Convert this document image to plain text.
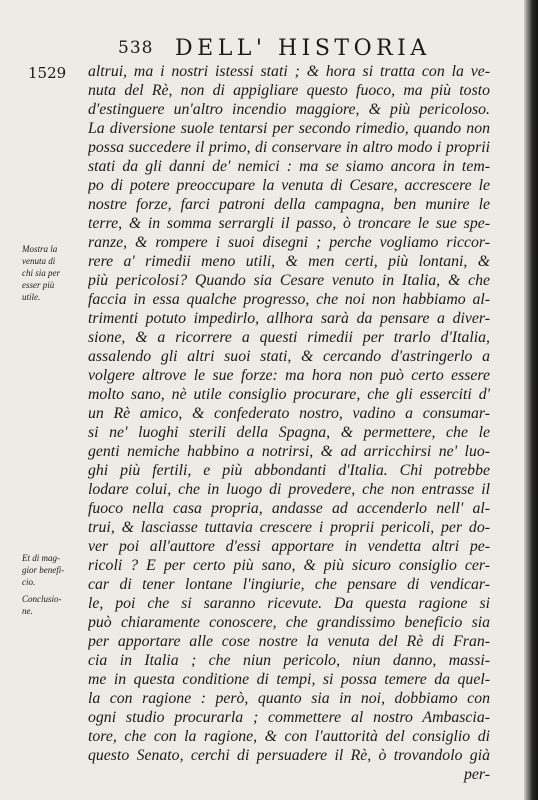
538 DELL' HISTORIA
1529
Mostra la
venuta di
chi sia per
esser più
utile.
Et di mag-
gior benefi-
cio.
Conclusio-
ne.
altrui, ma i nostri istessi stati ; & hora si tratta con la ve-
nuta del Rè, non di appigliare questo fuoco, ma più tosto
d'estinguere un'altro incendio maggiore, & più pericoloso.
La diversione suole tentarsi per secondo rimedio, quando non
possa succedere il primo, di conservare in altro modo i proprii
stati da gli danni de' nemici : ma se siamo ancora in tem-
po di potere preoccupare la venuta di Cesare, accrescere le
nostre forze, farci patroni della campagna, ben munire le
terre, & in somma serrargli il passo, ò troncare le sue spe-
ranze, & rompere i suoi disegni ; perche vogliamo riccor-
rere a' rimedii meno utili, & men certi, più lontani, &
più pericolosi? Quando sia Cesare venuto in Italia, & che
faccia in essa qualche progresso, che noi non habbiamo al-
trimenti potuto impedirlo, allhora sarà da pensare a diver-
sione, & a ricorrere a questi rimedii per trarlo d'Italia,
assalendo gli altri suoi stati, & cercando d'astringerlo a
volgere altrove le sue forze: ma hora non può certo essere
molto sano, nè utile consiglio procurare, che gli esserciti d'
un Rè amico, & confederato nostro, vadino a consumar-
si ne' luoghi sterili della Spagna, & permettere, che le
genti nemiche habbino a notrirsi, & ad arricchirsi ne' luo-
ghi più fertili, e più abbondanti d'Italia. Chi potrebbe
lodare colui, che in luogo di provedere, che non entrasse il
fuoco nella casa propria, andasse ad accenderlo nell' al-
trui, & lasciasse tuttavia crescere i proprii pericoli, per do-
ver poi all'auttore d'essi apportare in vendetta altri pe-
ricoli ? E per certo più sano, & più sicuro consiglio cer-
car di tener lontane l'ingiurie, che pensare di vendicar-
le, poi che si saranno ricevute. Da questa ragione si
può chiaramente conoscere, che grandissimo beneficio sia
per apportare alle cose nostre la venuta del Rè di Fran-
cia in Italia ; che niun pericolo, niun danno, massi-
me in questa conditione di tempi, si possa temere da quel-
la con ragione : però, quanto sia in noi, dobbiamo con
ogni studio procurarla ; commettere al nostro Ambascia-
tore, che con la ragione, & con l'auttorità del consiglio di
questo Senato, cerchi di persuadere il Rè, ò trovandolo già
per-
